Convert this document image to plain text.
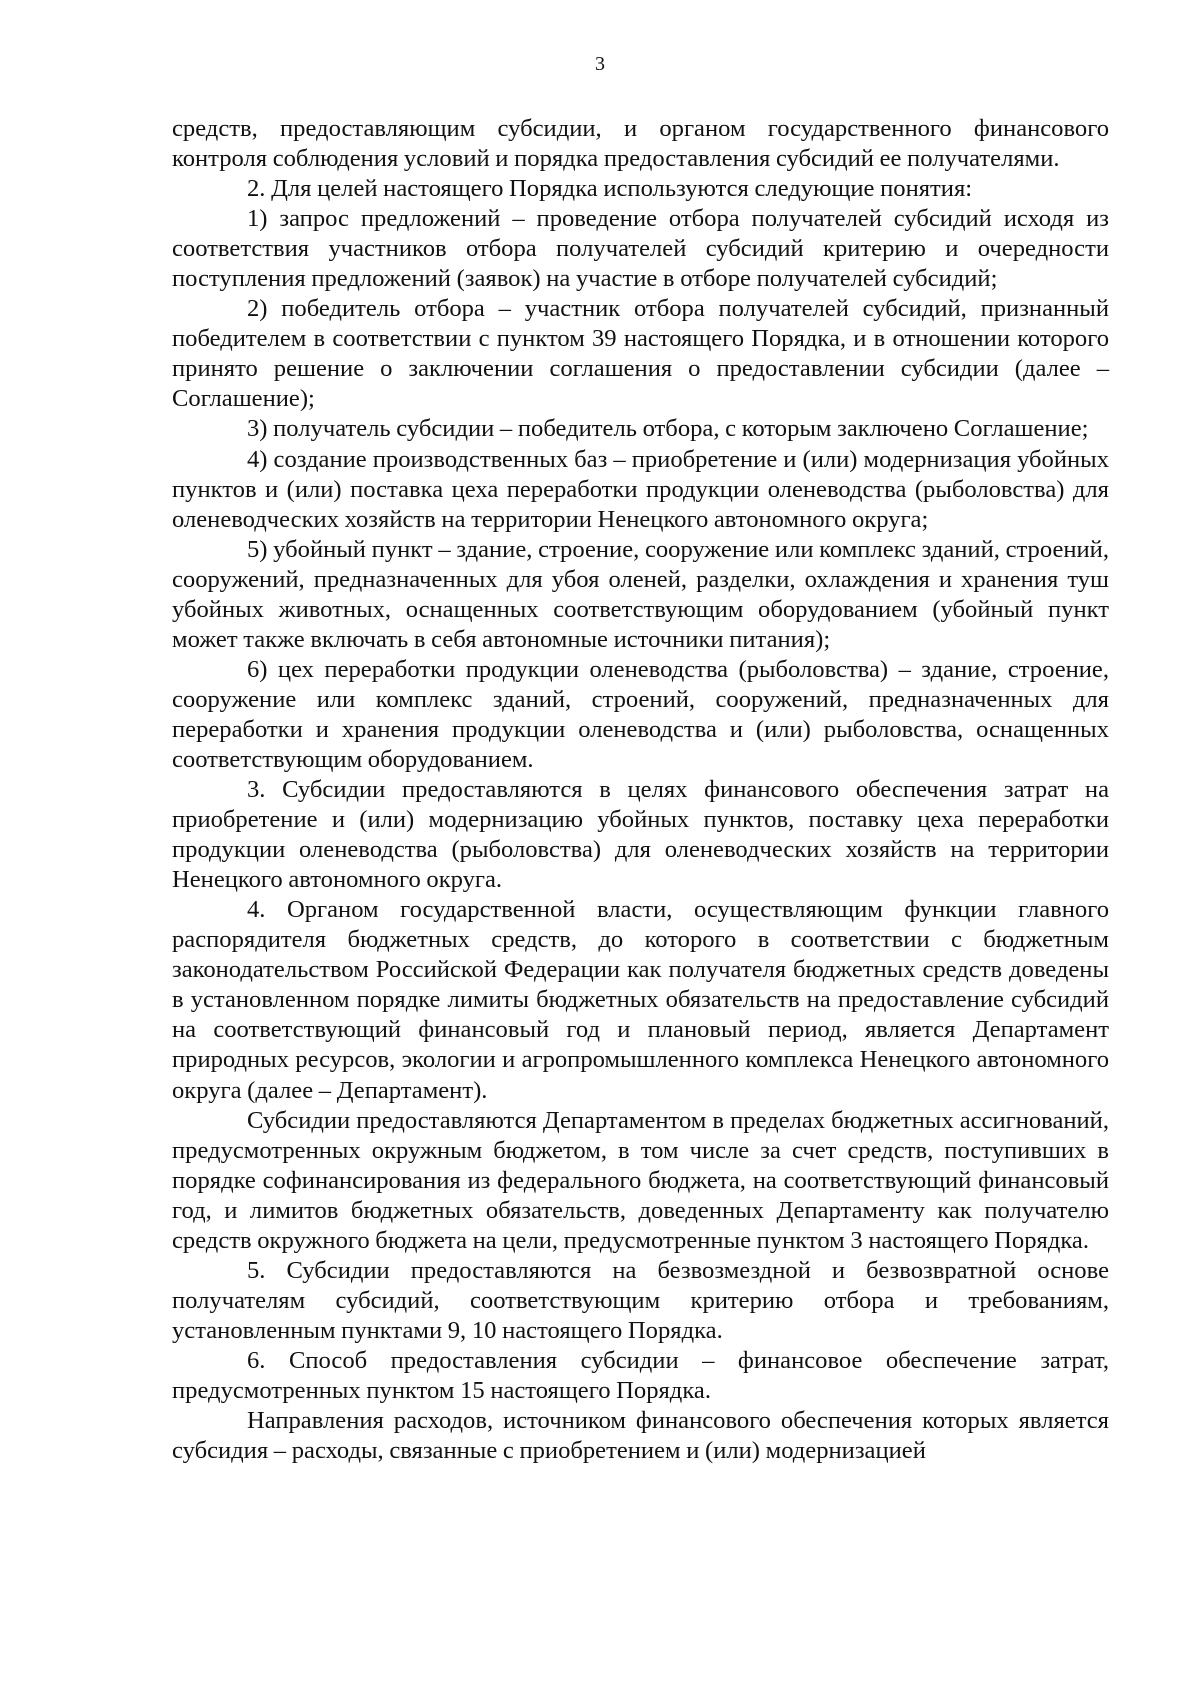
3

средств, предоставляющим субсидии, и органом государственного финансового контроля соблюдения условий и порядка предоставления субсидий ее получателями.

2. Для целей настоящего Порядка используются следующие понятия:

1) запрос предложений – проведение отбора получателей субсидий исходя из соответствия участников отбора получателей субсидий критерию и очередности поступления предложений (заявок) на участие в отборе получателей субсидий;

2) победитель отбора – участник отбора получателей субсидий, признанный победителем в соответствии с пунктом 39 настоящего Порядка, и в отношении которого принято решение о заключении соглашения о предоставлении субсидии (далее – Соглашение);

3) получатель субсидии – победитель отбора, с которым заключено Соглашение;

4) создание производственных баз – приобретение и (или) модернизация убойных пунктов и (или) поставка цеха переработки продукции оленеводства (рыболовства) для оленеводческих хозяйств на территории Ненецкого автономного округа;

5) убойный пункт – здание, строение, сооружение или комплекс зданий, строений, сооружений, предназначенных для убоя оленей, разделки, охлаждения и хранения туш убойных животных, оснащенных соответствующим оборудованием (убойный пункт может также включать в себя автономные источники питания);

6) цех переработки продукции оленеводства (рыболовства) – здание, строение, сооружение или комплекс зданий, строений, сооружений, предназначенных для переработки и хранения продукции оленеводства и (или) рыболовства, оснащенных соответствующим оборудованием.

3. Субсидии предоставляются в целях финансового обеспечения затрат на приобретение и (или) модернизацию убойных пунктов, поставку цеха переработки продукции оленеводства (рыболовства) для оленеводческих хозяйств на территории Ненецкого автономного округа.

4. Органом государственной власти, осуществляющим функции главного распорядителя бюджетных средств, до которого в соответствии с бюджетным законодательством Российской Федерации как получателя бюджетных средств доведены в установленном порядке лимиты бюджетных обязательств на предоставление субсидий на соответствующий финансовый год и плановый период, является Департамент природных ресурсов, экологии и агропромышленного комплекса Ненецкого автономного округа (далее – Департамент).

Субсидии предоставляются Департаментом в пределах бюджетных ассигнований, предусмотренных окружным бюджетом, в том числе за счет средств, поступивших в порядке софинансирования из федерального бюджета, на соответствующий финансовый год, и лимитов бюджетных обязательств, доведенных Департаменту как получателю средств окружного бюджета на цели, предусмотренные пунктом 3 настоящего Порядка.

5. Субсидии предоставляются на безвозмездной и безвозвратной основе получателям субсидий, соответствующим критерию отбора и требованиям, установленным пунктами 9, 10 настоящего Порядка.

6. Способ предоставления субсидии – финансовое обеспечение затрат, предусмотренных пунктом 15 настоящего Порядка.

Направления расходов, источником финансового обеспечения которых является субсидия – расходы, связанные с приобретением и (или) модернизацией
